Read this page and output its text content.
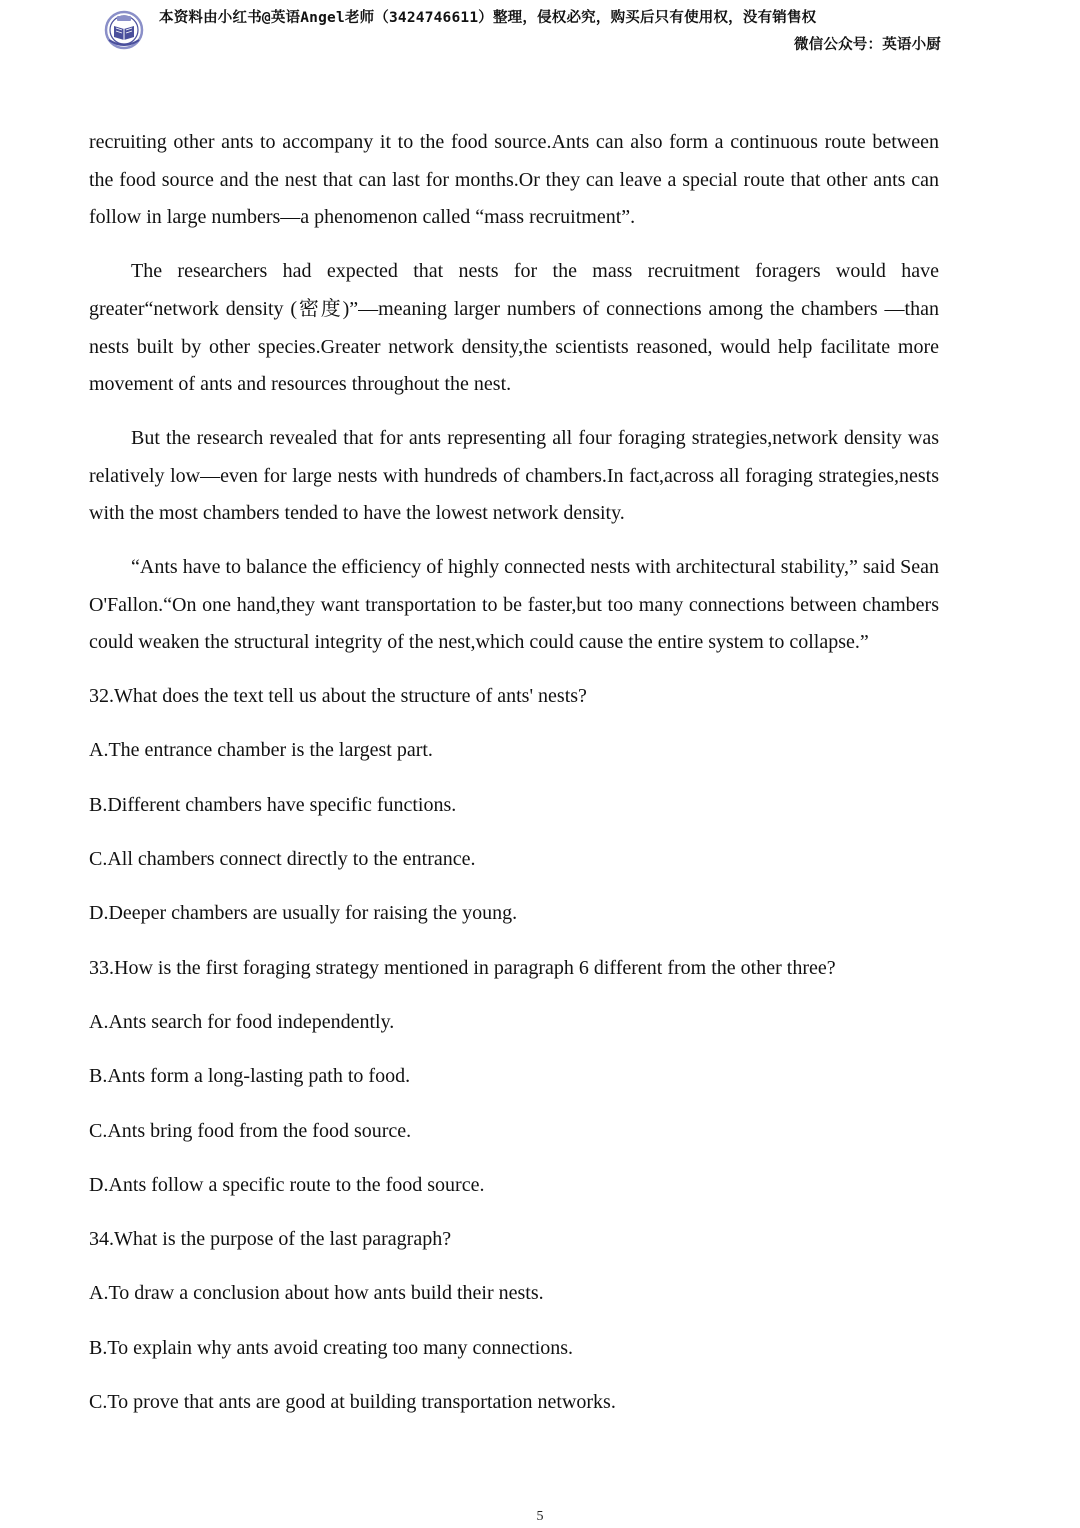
本资料由小红书@英语Angel老师（3424746611）整理，侵权必究，购买后只有使用权，没有销售权
微信公众号：英语小厨

recruiting other ants to accompany it to the food source.Ants can also form a continuous route between the food source and the nest that can last for months.Or they can leave a special route that other ants can follow in large numbers—a phenomenon called “mass recruitment”.

The researchers had expected that nests for the mass recruitment foragers would have greater“network density (密度)”—meaning larger numbers of connections among the chambers —than nests built by other species.Greater network density,the scientists reasoned, would help facilitate more movement of ants and resources throughout the nest.

But the research revealed that for ants representing all four foraging strategies,network density was relatively low—even for large nests with hundreds of chambers.In fact,across all foraging strategies,nests with the most chambers tended to have the lowest network density.

“Ants have to balance the efficiency of highly connected nests with architectural stability,” said Sean O'Fallon.“On one hand,they want transportation to be faster,but too many connections between chambers could weaken the structural integrity of the nest,which could cause the entire system to collapse.”

32.What does the text tell us about the structure of ants' nests?
A.The entrance chamber is the largest part.
B.Different chambers have specific functions.
C.All chambers connect directly to the entrance.
D.Deeper chambers are usually for raising the young.
33.How is the first foraging strategy mentioned in paragraph 6 different from the other three?
A.Ants search for food independently.
B.Ants form a long-lasting path to food.
C.Ants bring food from the food source.
D.Ants follow a specific route to the food source.
34.What is the purpose of the last paragraph?
A.To draw a conclusion about how ants build their nests.
B.To explain why ants avoid creating too many connections.
C.To prove that ants are good at building transportation networks.
5
